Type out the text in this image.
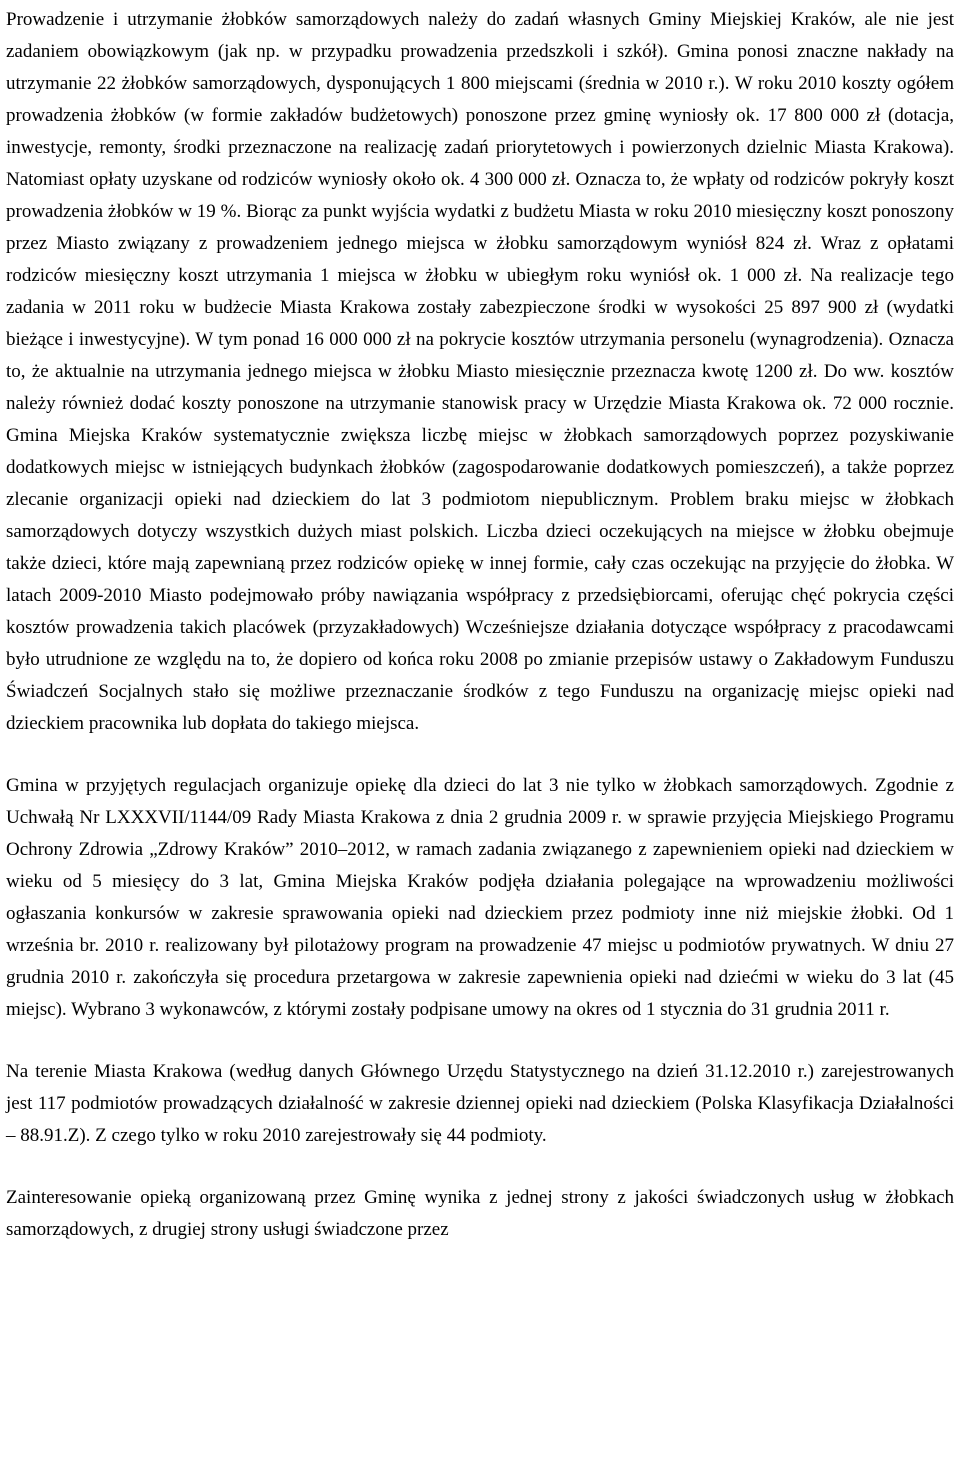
Prowadzenie i utrzymanie żłobków samorządowych należy do zadań własnych Gminy Miejskiej Kraków, ale nie jest zadaniem obowiązkowym (jak np. w przypadku prowadzenia przedszkoli i szkół). Gmina ponosi znaczne nakłady na utrzymanie 22 żłobków samorządowych, dysponujących 1 800 miejscami (średnia w 2010 r.). W roku 2010 koszty ogółem prowadzenia żłobków (w formie zakładów budżetowych) ponoszone przez gminę wyniosły ok. 17 800 000 zł (dotacja, inwestycje, remonty, środki przeznaczone na realizację zadań priorytetowych i powierzonych dzielnic Miasta Krakowa). Natomiast opłaty uzyskane od rodziców wyniosły około ok. 4 300 000 zł. Oznacza to, że wpłaty od rodziców pokryły koszt prowadzenia żłobków w 19 %. Biorąc za punkt wyjścia wydatki z budżetu Miasta w roku 2010 miesięczny koszt ponoszony przez Miasto związany z prowadzeniem jednego miejsca w żłobku samorządowym wyniósł 824 zł. Wraz z opłatami rodziców miesięczny koszt utrzymania 1 miejsca w żłobku w ubiegłym roku wyniósł ok. 1 000 zł. Na realizacje tego zadania w 2011 roku w budżecie Miasta Krakowa zostały zabezpieczone środki w wysokości 25 897 900 zł (wydatki bieżące i inwestycyjne). W tym ponad 16 000 000 zł na pokrycie kosztów utrzymania personelu (wynagrodzenia). Oznacza to, że aktualnie na utrzymania jednego miejsca w żłobku Miasto miesięcznie przeznacza kwotę 1200 zł. Do ww. kosztów należy również dodać koszty ponoszone na utrzymanie stanowisk pracy w Urzędzie Miasta Krakowa ok. 72 000 rocznie. Gmina Miejska Kraków systematycznie zwiększa liczbę miejsc w żłobkach samorządowych poprzez pozyskiwanie dodatkowych miejsc w istniejących budynkach żłobków (zagospodarowanie dodatkowych pomieszczeń), a także poprzez zlecanie organizacji opieki nad dzieckiem do lat 3 podmiotom niepublicznym. Problem braku miejsc w żłobkach samorządowych dotyczy wszystkich dużych miast polskich. Liczba dzieci oczekujących na miejsce w żłobku obejmuje także dzieci, które mają zapewnianą przez rodziców opiekę w innej formie, cały czas oczekując na przyjęcie do żłobka. W latach 2009-2010 Miasto podejmowało próby nawiązania współpracy z przedsiębiorcami, oferując chęć pokrycia części kosztów prowadzenia takich placówek (przyzakładowych) Wcześniejsze działania dotyczące współpracy z pracodawcami było utrudnione ze względu na to, że dopiero od końca roku 2008 po zmianie przepisów ustawy o Zakładowym Funduszu Świadczeń Socjalnych stało się możliwe przeznaczanie środków z tego Funduszu na organizację miejsc opieki nad dzieckiem pracownika lub dopłata do takiego miejsca.

Gmina w przyjętych regulacjach organizuje opiekę dla dzieci do lat 3 nie tylko w żłobkach samorządowych. Zgodnie z Uchwałą Nr LXXXVII/1144/09 Rady Miasta Krakowa z dnia 2 grudnia 2009 r. w sprawie przyjęcia Miejskiego Programu Ochrony Zdrowia „Zdrowy Kraków” 2010–2012, w ramach zadania związanego z zapewnieniem opieki nad dzieckiem w wieku od 5 miesięcy do 3 lat, Gmina Miejska Kraków podjęła działania polegające na wprowadzeniu możliwości ogłaszania konkursów w zakresie sprawowania opieki nad dzieckiem przez podmioty inne niż miejskie żłobki. Od 1 września br. 2010 r. realizowany był pilotażowy program na prowadzenie 47 miejsc u podmiotów prywatnych. W dniu 27 grudnia 2010 r. zakończyła się procedura przetargowa w zakresie zapewnienia opieki nad dziećmi w wieku do 3 lat (45 miejsc). Wybrano 3 wykonawców, z którymi zostały podpisane umowy na okres od 1 stycznia do 31 grudnia 2011 r.

Na terenie Miasta Krakowa (według danych Głównego Urzędu Statystycznego na dzień 31.12.2010 r.) zarejestrowanych jest 117 podmiotów prowadzących działalność w zakresie dziennej opieki nad dzieckiem (Polska Klasyfikacja Działalności – 88.91.Z). Z czego tylko w roku 2010 zarejestrowały się 44 podmioty.

Zainteresowanie opieką organizowaną przez Gminę wynika z jednej strony z jakości świadczonych usług w żłobkach samorządowych, z drugiej strony usługi świadczone przez
